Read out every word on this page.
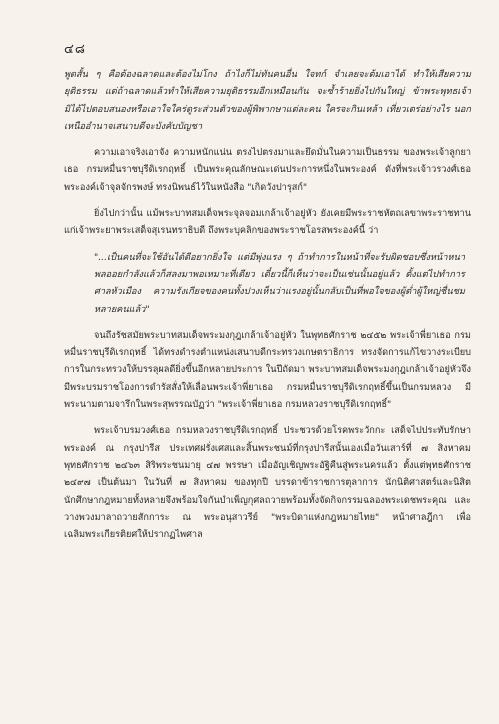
๔๘

พูดสั้น ๆ คือต้องฉลาดและต้องไม่โกง ถ้าไงก็ไม่ทันคนอื่น ใจทก์ จำเลยจะต้มเอาได้ ทำให้เสียความยุติธรรม แต่ถ้าฉลาดแล้วทำให้เสียความยุติธรรมอีกเหมือนกัน จะซ้ำร้ายยิ่งไปกันใหญ่ ข้าพระพุทธเจ้ามิได้ไปตอบสนองหรือเอาใจใคร่ดูระส่วนตัวของผู้พิพากษาแต่ละคน ใครจะกินเหล้า เที่ยวเตร่อย่างไร นอกเหนืออำนาจเสนาบดีจะบังคับบัญชา

ความเอาจริงเอาจัง ความหนักแน่น ตรงไปตรงมาและยึดมั่นในความเป็นธรรม ของพระเจ้าลูกยาเธอ กรมหมื่นราชบุรีดิเรกฤทธิ์ เป็นพระคุณลักษณะเด่นประการหนึ่งในพระองค์ ดังที่พระเจ้าวรวงศ์เธอพระองค์เจ้าจุลจักรพงษ์ ทรงนิพนธ์ไว้ในหนังสือ "เกิดวังปารุสก์"

ยิ่งไปกว่านั้น แม้พระบาทสมเด็จพระจุลจอมเกล้าเจ้าอยู่หัว ยังเคยมีพระราชหัตถเลขาพระราชทานแก่เจ้าพระยาพระเสด็จสุเรนทราธิบดี ถึงพระบุคลิกของพระราชโอรสพระองค์นี้ ว่า

"...เป็นคนที่จะใช้อันได้ดีอยากยิ่งใจ แต่มีพุ่งแรง ๆ ถ้าทำการในหน้าที่จะรับผิดชอบซึ่งหน้าหนา พลออยกำลังแล้วก็สลงมาพอเหมาะที่เดียว เดี๋ยวนี้ก็เห็นว่าจะเป็นเช่นนั้นอยู่แล้ว ตั้งแต่ไปทำการศาลหัวเมือง ความรังเกียจของคนทั้งปวงเห็นว่าแรงอยู่นั้นกลับเป็นที่พอใจของผู้ต่ำผู้ใหญ่ชื่นชมหลายคนแล้ว"

จนถึงรัชสมัยพระบาทสมเด็จพระมงกุฎเกล้าเจ้าอยู่หัว ในพุทธศักราช ๒๔๕๒ พระเจ้าพี่ยาเธอ กรมหมื่นราชบุรีดิเรกฤทธิ์ ได้ทรงดำรงตำแหน่งเสนาบดีกระทรวงเกษตราธิการ ทรงจัดการแก้ไขวางระเบียบการในกระทรวงให้บรรลุผลดียิ่งขึ้นอีกหลายประการ ในปีถัดมา พระบาทสมเด็จพระมงกุฎเกล้าเจ้าอยู่หัวจึงมีพระบรมราชโองการดำรัสสั่งให้เลื่อนพระเจ้าพี่ยาเธอ กรมหมื่นราชบุรีดิเรกฤทธิ์ขึ้นเป็นกรมหลวง มีพระนามตามจารึกในพระสุพรรณบัฏว่า "พระเจ้าพี่ยาเธอ กรมหลวงราชบุรีดิเรกฤทธิ์"

พระเจ้าบรมวงศ์เธอ กรมหลวงราชบุรีดิเรกฤทธิ์ ประชวรด้วยโรคพระวักกะ เสด็จไปประทับรักษาพระองค์ ณ กรุงปารีส ประเทศฝรั่งเศสและสิ้นพระชนม์ที่กรุงปารีสนั้นเองเมื่อวันเสาร์ที่ ๗ สิงหาคม พุทธศักราช ๒๔๖๓ สิริพระชนมายุ ๔๗ พรรษา เมื่ออัญเชิญพระอัฐิคืนสู่พระนครแล้ว ตั้งแต่พุทธศักราช ๒๔๙๗ เป็นต้นมา ในวันที่ ๗ สิงหาคม ของทุกปี บรรดาข้าราชการตุลาการ นักนิติศาสตร์และนิสิตนักศึกษากฎหมายทั้งหลายจึงพร้อมใจกันบำเพ็ญกุศลถวายพร้อมทั้งจัดกิจกรรมฉลองพระเดชพระคุณ และวางพวงมาลาถวายสักการะ ณ พระอนุสาวรีย์ "พระบิดาแห่งกฎหมายไทย" หน้าศาลฎีกา เพื่อเฉลิมพระเกียรติยศให้ปรากฏไพศาล
